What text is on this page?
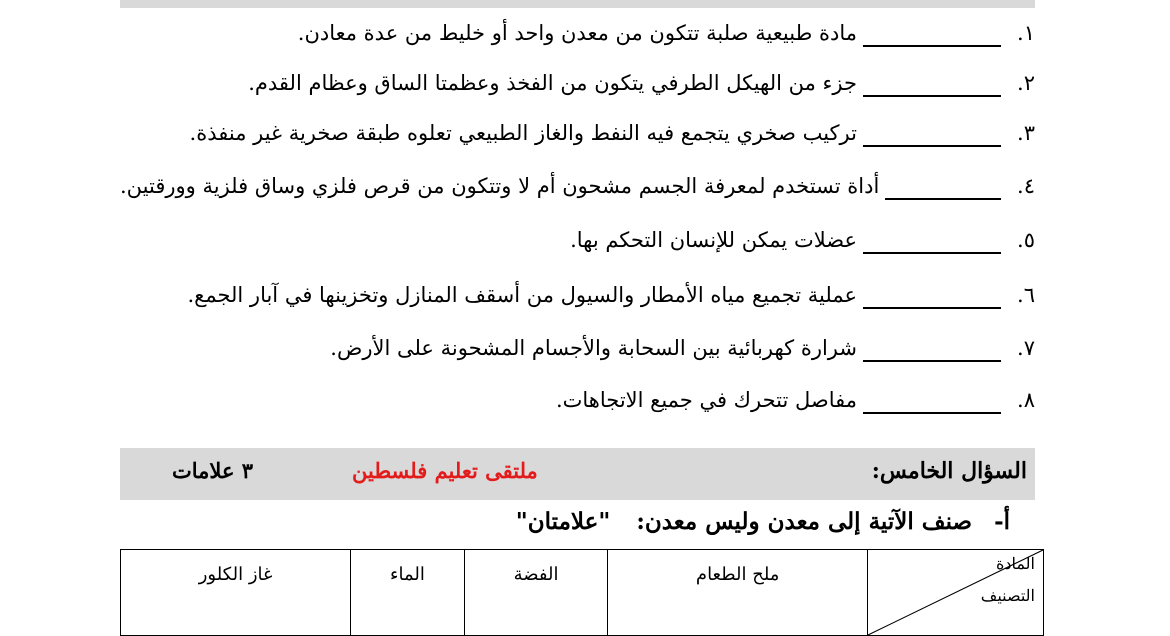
١.
مادة طبيعية صلبة تتكون من معدن واحد أو خليط من عدة معادن.
٢.
جزء من الهيكل الطرفي يتكون من الفخذ وعظمتا الساق وعظام القدم.
٣.
تركيب صخري يتجمع فيه النفط والغاز الطبيعي تعلوه طبقة صخرية غير منفذة.
٤.
أداة تستخدم لمعرفة الجسم مشحون أم لا وتتكون من قرص فلزي وساق فلزية وورقتين.
٥.
عضلات يمكن للإنسان التحكم بها.
٦.
عملية تجميع مياه الأمطار والسيول من أسقف المنازل وتخزينها في آبار الجمع.
٧.
شرارة كهربائية بين السحابة والأجسام المشحونة على الأرض.
٨.
مفاصل تتحرك في جميع الاتجاهات.
السؤال الخامس:
ملتقى تعليم فلسطين
٣ علامات
أ- صنف الآتية إلى معدن وليس معدن: "علامتان"
المادة
التصنيف
	ملح الطعام	الفضة	الماء	غاز الكلور
